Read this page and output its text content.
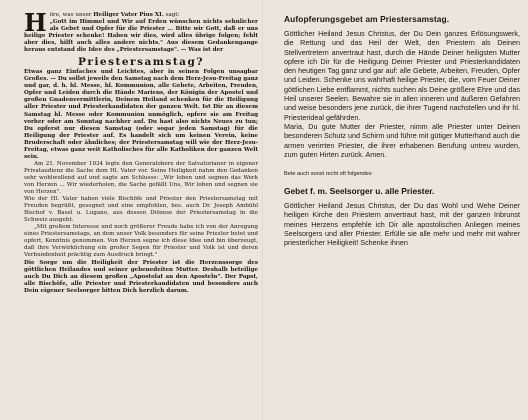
Höre, was unser Heiliger Vater Pius XI. sagt:

„Gott im Himmel und Wir auf Erden wünschen nichts sehnlicher als Gebet und Opfer für die Priester ... Bitte wir Gott, daß er uns heilige Priester schenke! Haben wir dies, wird alles übrige folgen; fehlt aber dies, hilft auch alles andere nichts." Aus diesem Gedankengange heraus entstand die Idee des „Priestersamstags". — Was ist der

Priestersamstag?

Etwas ganz Einfaches und Leichtes, aber in seinen Folgen unsagbar Großes. — Du sollst jeweils den Samstag nach dem Herz-Jesu-Freitag ganz und gar, d. h. hl. Messe, hl. Kommunion, alle Gebete, Arbeiten, Freuden, Opfer und Leiden durch die Hände Mariens, der Königin der Apostel und großen Gnadenvermittlerin, Deinem Heiland schenken für die Heiligung aller Priester und Priesterkandidaten der ganzen Welt. Ist Dir an diesem Samstag hl. Messe oder Kommunion unmöglich, opfere sie am Freitag vorher oder am Sonntag nachher auf. Du hast also nichts Neues zu tun; Du opferst nur diesen Samstag (oder sogar jeden Samstag) für die Heiligung der Priester auf. Es handelt sich um keinen Verein, keine Bruderschaft oder ähnliches; der Priestersamstag will wie der Herz-Jesu-Freitag, etwas ganz weit Katholisches für alle Katholiken der ganzen Welt sein.

Am 21. November 1934 legte den Generalobere der Salvatorianer in eigener Privataudienz die Sache dem Hl. Vater vor. Seine Heiligkeit nahm den Gedanken sehr wohlwollend auf und sagte am Schlusse: „Wir loben und segnen das Werk von Herzen ... Wir wiederholen, die Sache gefällt Uns, Wir loben und segnen sie von Herzen".

Wie der Hl. Vater haben viele Bischöfe und Priester den Priestersamstag mit Freuden begrüßt, gesegnet und eine empfohlen, bes. auch Dr. Joseph Ambühl Bischof v. Basel u. Lugano, aus dessen Diözese der Priestersamstag in die Schweiz ausgeht.

„Mit großem Interesse und noch größerer Freude habe ich von der Anregung eines Priestersamstags, an dem unser Volk besonders für seine Priester betet und opfert, Kenntnis genommen. Von Herzen segne ich diese Idee und bin überzeugt, daß ihre Verwirklichung ein großer Segen für Priester und Volk ist und deren Verbundenheit prächtig zum Ausdruck bringt."

Die Sorge um die Heiligkeit der Priester ist die Herzenssorge des göttlichen Heilandes und seiner gebenedeiten Mutter. Deshalb beteilige auch Du Dich an diesem großen „Apostolat an den Apostelnˮ. Der Papst, alle Bischöfe, alle Priester und Priesterkandidaten und besonders auch Dein eigener Seelsorger bitten Dich herzlich darum.

Aufopferungsgebet am Priestersamstag.

Göttlicher Heiland Jesus Christus, der Du Dein ganzes Erlösungswerk, die Rettung und das Heil der Welt, den Priestern als Deinen Stellvertretern anvertraut hast, durch die Hände Deiner heiligsten Mutter opfere ich Dir für die Heiligung Deiner Priester und Priesterkandidaten den heutigen Tag ganz und gar auf: alle Gebete, Arbeiten, Freuden, Opfer und Leiden. Schenke uns wahrhaft heilige Priester, die, vom Feuer Deiner göttlichen Liebe entflammt, nichts suchen als Deine größere Ehre und das Heil unserer Seelen. Bewahre sie in allen inneren und äußeren Gefahren und weise besonders jene zurück, die ihrer Tugend nachstellen und ihr hl. Priesterideal gefährden.

Maria, Du gute Mutter der Priester, nimm alle Priester unter Deinen besonderen Schutz und Schirm und führe mit gütiger Mutterhand auch die armen verirrten Priester, die ihrer erhabenen Berufung untreu wurden, zum guten Hirten zurück. Amen.

Bete auch sonst recht oft folgendes

Gebet f. m. Seelsorger u. alle Priester.

Göttlicher Heiland Jesus Christus, der Du das Wohl und Wehe Deiner heiligen Kirche den Priestern anvertraut hast, mit der ganzen Inbrunst meines Herzens empfehle ich Dir alle apostolischen Anliegen meines Seelsorgers und aller Priester. Erfülle sie alle mehr und mehr mit wahrer priesterlicher Heiligkeit! Schenke ihnen
